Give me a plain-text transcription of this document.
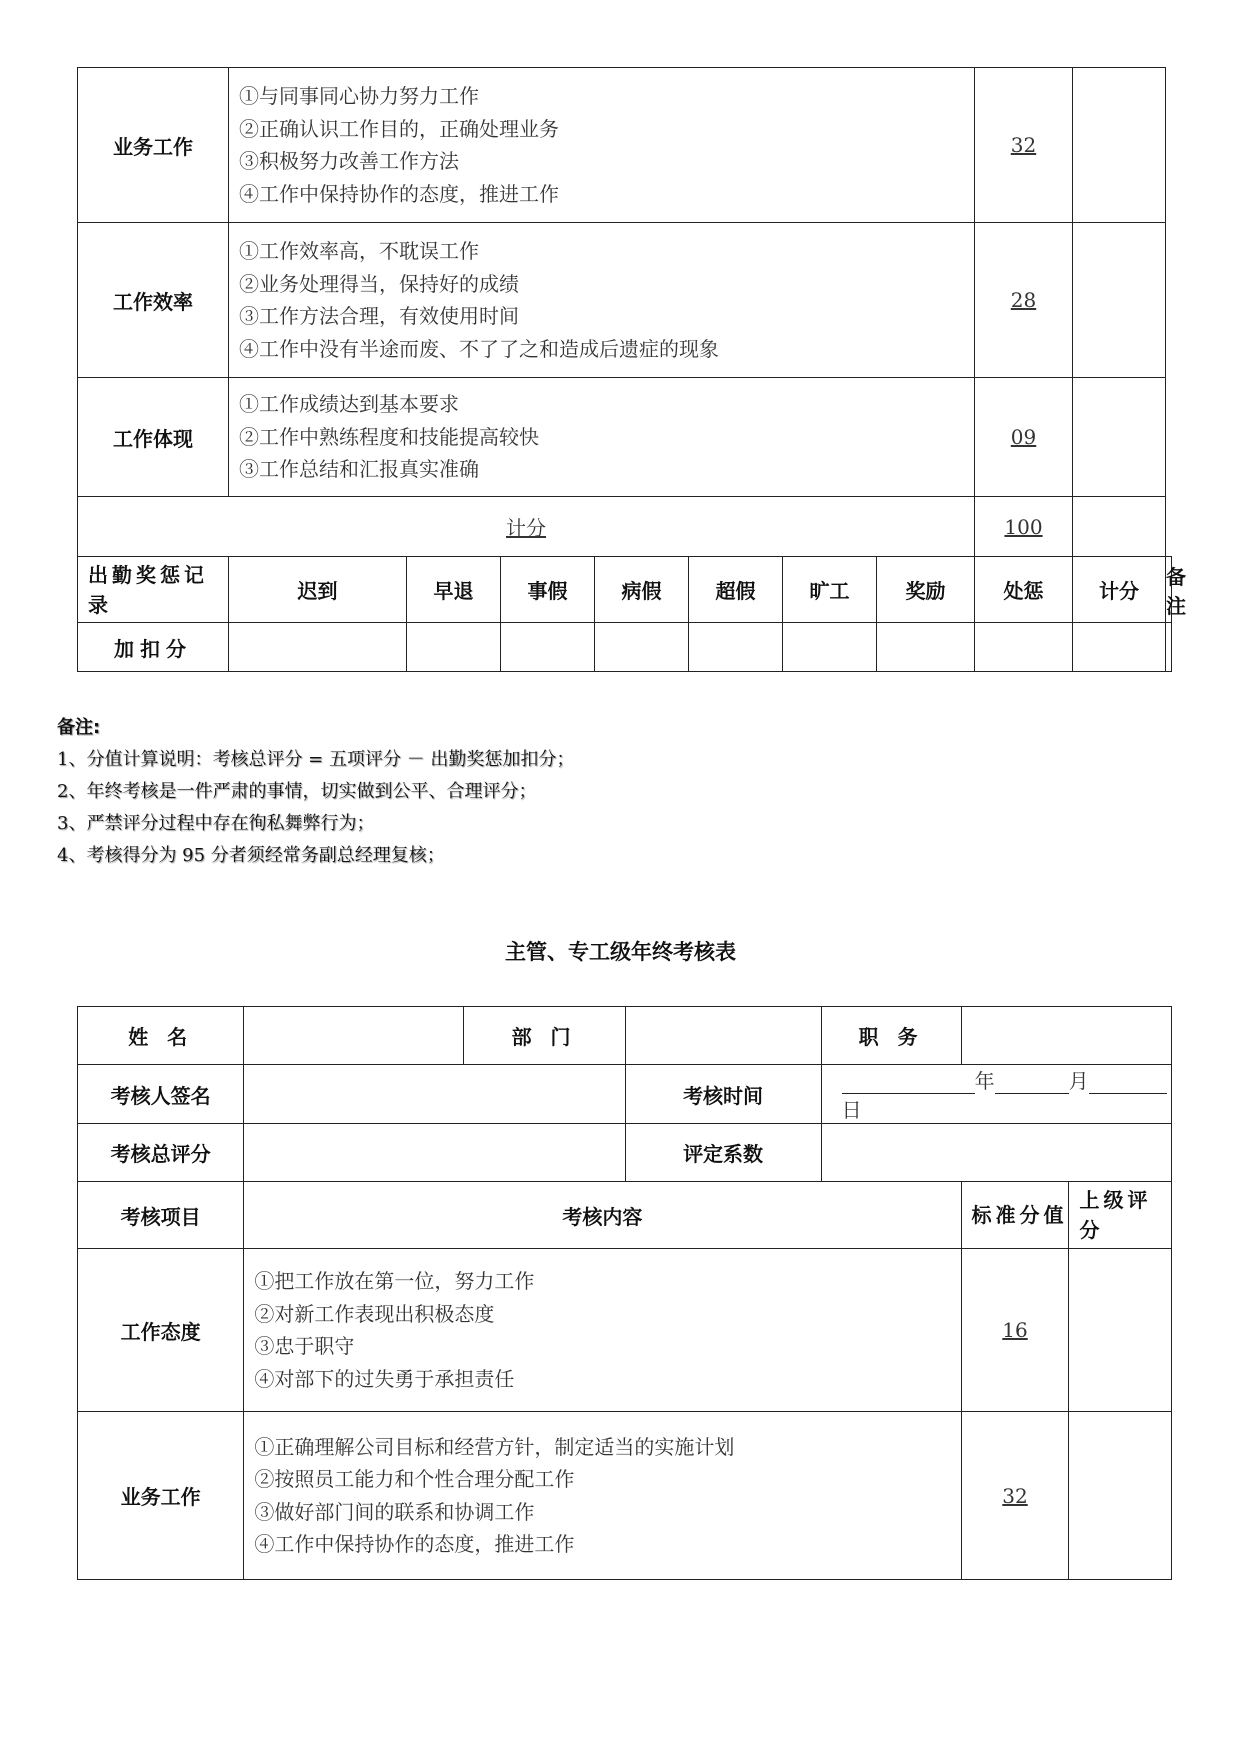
业务工作	①与同事同心协力努力工作
②正确认识工作目的，正确处理业务
③积极努力改善工作方法
④工作中保持协作的态度，推进工作							32		
工作效率	①工作效率高，不耽误工作
②业务处理得当，保持好的成绩
③工作方法合理，有效使用时间
④工作中没有半途而废、不了了之和造成后遗症的现象							28		
工作体现	①工作成绩达到基本要求
②工作中熟练程度和技能提高较快
③工作总结和汇报真实准确							09		
计分								100		
出勤奖惩记录	迟到	早退	事假	病假	超假	旷工	奖励	处惩	计分	备注
加扣分										
备注:
1、分值计算说明：考核总评分 = 五项评分 － 出勤奖惩加扣分；
2、年终考核是一件严肃的事情，切实做到公平、合理评分；
3、严禁评分过程中存在徇私舞弊行为；
4、考核得分为 95 分者须经常务副总经理复核；
主管、专工级年终考核表
姓 名		部 门		职 务		
考核人签名			考核时间	年 月日		
考核总评分			评定系数			
考核项目	考核内容				标准分值	上级评分
工作态度	①把工作放在第一位，努力工作
②对新工作表现出积极态度
③忠于职守
④对部下的过失勇于承担责任				16	
业务工作	①正确理解公司目标和经营方针，制定适当的实施计划
②按照员工能力和个性合理分配工作
③做好部门间的联系和协调工作
④工作中保持协作的态度，推进工作				32	
